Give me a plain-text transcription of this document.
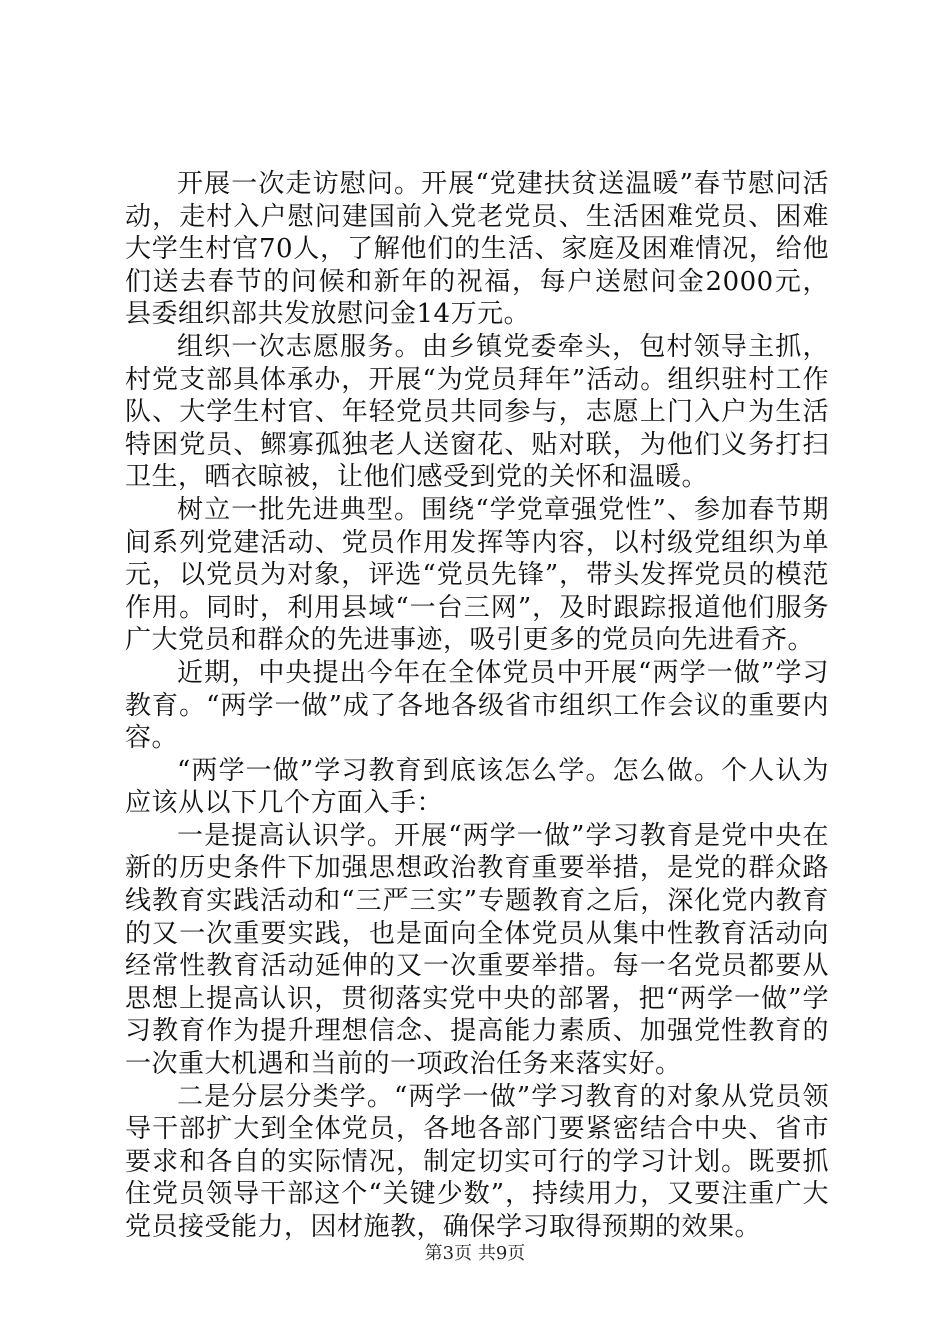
开展一次走访慰问。开展“党建扶贫送温暖”春节慰问活动，走村入户慰问建国前入党老党员、生活困难党员、困难大学生村官70人，了解他们的生活、家庭及困难情况，给他们送去春节的问候和新年的祝福，每户送慰问金2000元，县委组织部共发放慰问金14万元。

组织一次志愿服务。由乡镇党委牵头，包村领导主抓，村党支部具体承办，开展“为党员拜年”活动。组织驻村工作队、大学生村官、年轻党员共同参与，志愿上门入户为生活特困党员、鳏寡孤独老人送窗花、贴对联，为他们义务打扫卫生，晒衣晾被，让他们感受到党的关怀和温暖。

树立一批先进典型。围绕“学党章强党性”、参加春节期间系列党建活动、党员作用发挥等内容，以村级党组织为单元，以党员为对象，评选“党员先锋”，带头发挥党员的模范作用。同时，利用县域“一台三网”，及时跟踪报道他们服务广大党员和群众的先进事迹，吸引更多的党员向先进看齐。

近期，中央提出今年在全体党员中开展“两学一做”学习教育。“两学一做”成了各地各级省市组织工作会议的重要内容。

“两学一做”学习教育到底该怎么学。怎么做。个人认为应该从以下几个方面入手：

一是提高认识学。开展“两学一做”学习教育是党中央在新的历史条件下加强思想政治教育重要举措，是党的群众路线教育实践活动和“三严三实”专题教育之后，深化党内教育的又一次重要实践，也是面向全体党员从集中性教育活动向经常性教育活动延伸的又一次重要举措。每一名党员都要从思想上提高认识，贯彻落实党中央的部署，把“两学一做”学习教育作为提升理想信念、提高能力素质、加强党性教育的一次重大机遇和当前的一项政治任务来落实好。

二是分层分类学。“两学一做”学习教育的对象从党员领导干部扩大到全体党员，各地各部门要紧密结合中央、省市要求和各自的实际情况，制定切实可行的学习计划。既要抓住党员领导干部这个“关键少数”，持续用力，又要注重广大党员接受能力，因材施教，确保学习取得预期的效果。

第3页 共9页
